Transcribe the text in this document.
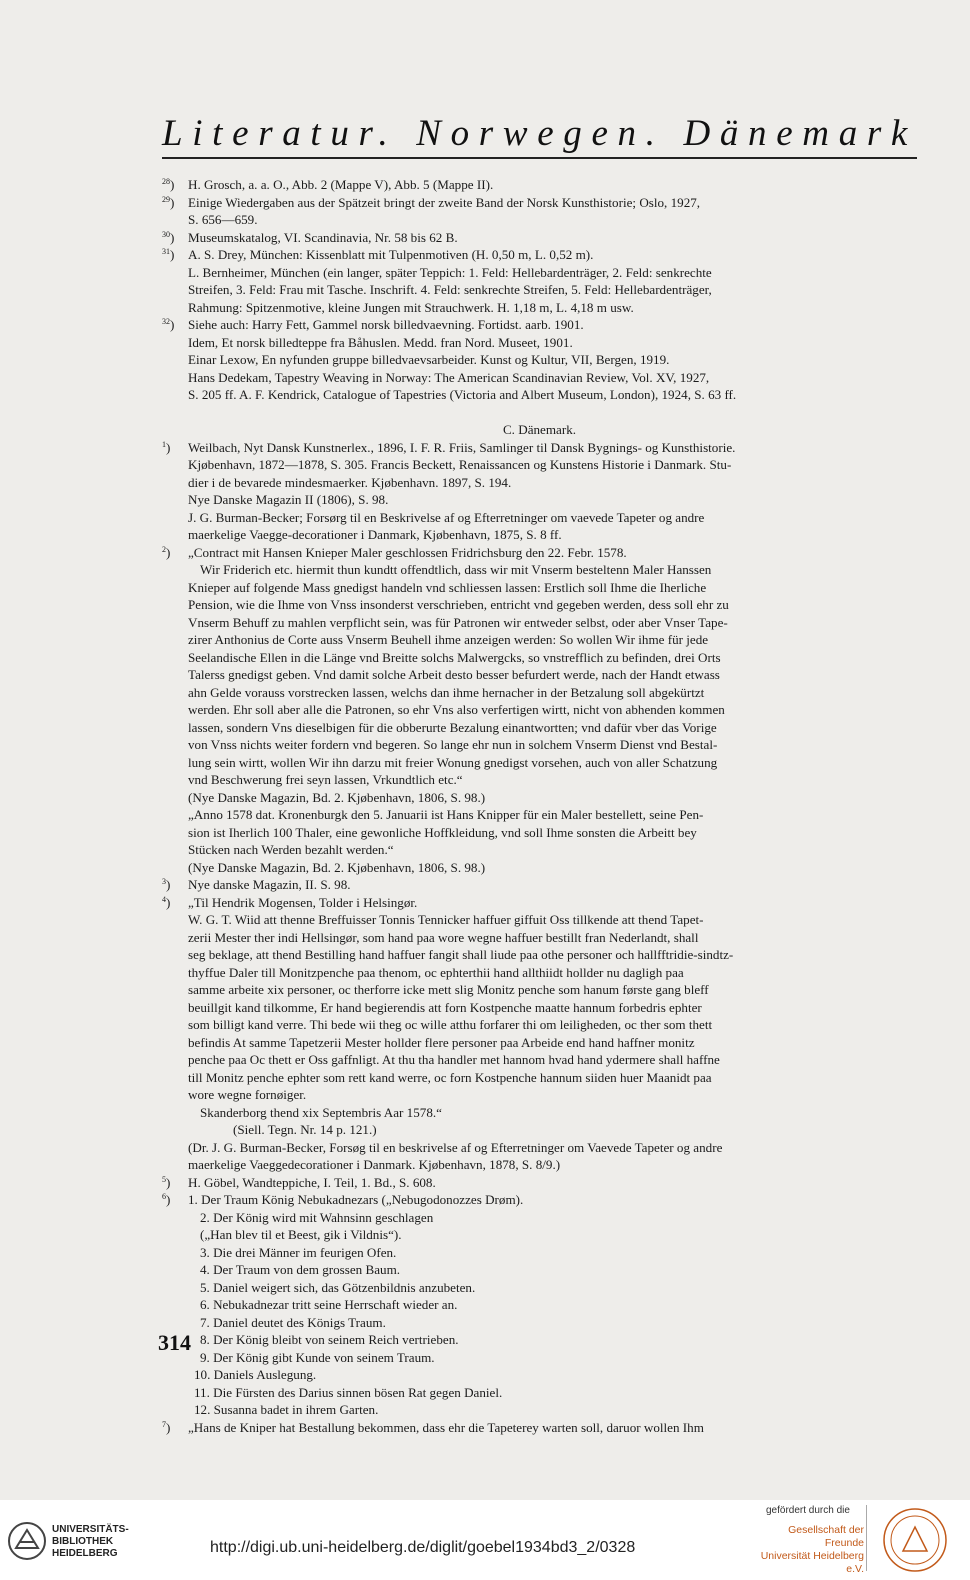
Literatur. Norwegen. Dänemark
$^{28}$) H. Grosch, a. a. O., Abb. 2 (Mappe V), Abb. 5 (Mappe II).
$^{29}$) Einige Wiedergaben aus der Spätzeit bringt der zweite Band der Norsk Kunsthistorie; Oslo, 1927,
S. 656—659.
$^{30}$) Museumskatalog, VI. Scandinavia, Nr. 58 bis 62 B.
$^{31}$) A. S. Drey, München: Kissenblatt mit Tulpenmotiven (H. 0,50 m, L. 0,52 m).
L. Bernheimer, München (ein langer, später Teppich: 1. Feld: Hellebardenträger, 2. Feld: senkrechte
Streifen, 3. Feld: Frau mit Tasche. Inschrift. 4. Feld: senkrechte Streifen, 5. Feld: Hellebardenträger,
Rahmung: Spitzenmotive, kleine Jungen mit Strauchwerk. H. 1,18 m, L. 4,18 m usw.
$^{32}$) Siehe auch: Harry Fett, Gammel norsk billedvaevning. Fortidst. aarb. 1901.
Idem, Et norsk billedteppe fra Båhuslen. Medd. fran Nord. Museet, 1901.
Einar Lexow, En nyfunden gruppe billedvaevsarbeider. Kunst og Kultur, VII, Bergen, 1919.
Hans Dedekam, Tapestry Weaving in Norway: The American Scandinavian Review, Vol. XV, 1927,
S. 205 ff. A. F. Kendrick, Catalogue of Tapestries (Victoria and Albert Museum, London), 1924, S. 63 ff.
C. Dänemark.
$^1$) Weilbach, Nyt Dansk Kunstnerlex., 1896, I. F. R. Friis, Samlinger til Dansk Bygnings- og Kunsthistorie.
Kjøbenhavn, 1872—1878, S. 305. Francis Beckett, Renaissancen og Kunstens Historie i Danmark. Stu-
dier i de bevarede mindesmaerker. Kjøbenhavn. 1897, S. 194.
Nye Danske Magazin II (1806), S. 98.
J. G. Burman-Becker; Forsørg til en Beskrivelse af og Efterretninger om vaevede Tapeter og andre
maerkelige Vaegge-decorationer i Danmark, Kjøbenhavn, 1875, S. 8 ff.
$^2$) „Contract mit Hansen Knieper Maler geschlossen Fridrichsburg den 22. Febr. 1578.
Wir Friderich etc. hiermit thun kundtt offendtlich, dass wir mit Vnserm besteltenn Maler Hanssen
Knieper auf folgende Mass gnedigst handeln vnd schliessen lassen: Erstlich soll Ihme die Iherliche
Pension, wie die Ihme von Vnss insonderst verschrieben, entricht vnd gegeben werden, dess soll ehr zu
Vnserm Behuff zu mahlen verpflicht sein, was für Patronen wir entweder selbst, oder aber Vnser Tape-
zirer Anthonius de Corte auss Vnserm Beuhell ihme anzeigen werden: So wollen Wir ihme für jede
Seelandische Ellen in die Länge vnd Breitte solchs Malwergcks, so vnstrefflich zu befinden, drei Orts
Talerss gnedigst geben. Vnd damit solche Arbeit desto besser befurdert werde, nach der Handt etwass
ahn Gelde vorauss vorstrecken lassen, welchs dan ihme hernacher in der Betzalung soll abgekürtzt
werden. Ehr soll aber alle die Patronen, so ehr Vns also verfertigen wirtt, nicht von abhenden kommen
lassen, sondern Vns dieselbigen für die obberurte Bezalung einantwortten; vnd dafür vber das Vorige
von Vnss nichts weiter fordern vnd begeren. So lange ehr nun in solchem Vnserm Dienst vnd Bestal-
lung sein wirtt, wollen Wir ihn darzu mit freier Wonung gnedigst vorsehen, auch von aller Schatzung
vnd Beschwerung frei seyn lassen, Vrkundtlich etc.“
(Nye Danske Magazin, Bd. 2. Kjøbenhavn, 1806, S. 98.)
„Anno 1578 dat. Kronenburgk den 5. Januarii ist Hans Knipper für ein Maler bestellett, seine Pen-
sion ist Iherlich 100 Thaler, eine gewonliche Hoffkleidung, vnd soll Ihme sonsten die Arbeitt bey
Stücken nach Werden bezahlt werden.“
(Nye Danske Magazin, Bd. 2. Kjøbenhavn, 1806, S. 98.)
$^3$) Nye danske Magazin, II. S. 98.
$^4$) „Til Hendrik Mogensen, Tolder i Helsingør.
W. G. T. Wiid att thenne Breffuisser Tonnis Tennicker haffuer giffuit Oss tillkende att thend Tapet-
zerii Mester ther indi Hellsingør, som hand paa wore wegne haffuer bestillt fran Nederlandt, shall
seg beklage, att thend Bestilling hand haffuer fangit shall liude paa othe personer och hallfftridie-sindtz-
thyffue Daler till Monitzpenche paa thenom, oc ephterthii hand allthiidt hollder nu dagligh paa
samme arbeite xix personer, oc therforre icke mett slig Monitz penche som hanum første gang bleff
beuillgit kand tilkomme, Er hand begierendis att forn Kostpenche maatte hannum forbedris ephter
som billigt kand verre. Thi bede wii theg oc wille atthu forfarer thi om leiligheden, oc ther som thett
befindis At samme Tapetzerii Mester hollder flere personer paa Arbeide end hand haffner monitz
penche paa Oc thett er Oss gaffnligt. At thu tha handler met hannom hvad hand ydermere shall haffne
till Monitz penche ephter som rett kand werre, oc forn Kostpenche hannum siiden huer Maanidt paa
wore wegne fornøiger.
Skanderborg thend xix Septembris Aar 1578.“
(Siell. Tegn. Nr. 14 p. 121.)
(Dr. J. G. Burman-Becker, Forsøg til en beskrivelse af og Efterretninger om Vaevede Tapeter og andre
maerkelige Vaeggedecorationer i Danmark. Kjøbenhavn, 1878, S. 8/9.)
$^5$) H. Göbel, Wandteppiche, I. Teil, 1. Bd., S. 608.
$^6$) 1. Der Traum König Nebukadnezars („Nebugodonozzes Drøm).
2. Der König wird mit Wahnsinn geschlagen
(„Han blev til et Beest, gik i Vildnis“).
3. Die drei Männer im feurigen Ofen.
4. Der Traum von dem grossen Baum.
5. Daniel weigert sich, das Götzenbildnis anzubeten.
6. Nebukadnezar tritt seine Herrschaft wieder an.
7. Daniel deutet des Königs Traum.
8. Der König bleibt von seinem Reich vertrieben.
9. Der König gibt Kunde von seinem Traum.
10. Daniels Auslegung.
11. Die Fürsten des Darius sinnen bösen Rat gegen Daniel.
12. Susanna badet in ihrem Garten.
$^7$) „Hans de Kniper hat Bestallung bekommen, dass ehr die Tapeterey warten soll, daruor wollen Ihm
314
UNIVERSITÄTS-
BIBLIOTHEK
HEIDELBERG	http://digi.ub.uni-heidelberg.de/diglit/goebel1934bd3_2/0328
gefördert durch die
Gesellschaft der Freunde
Universität Heidelberg e.V.
